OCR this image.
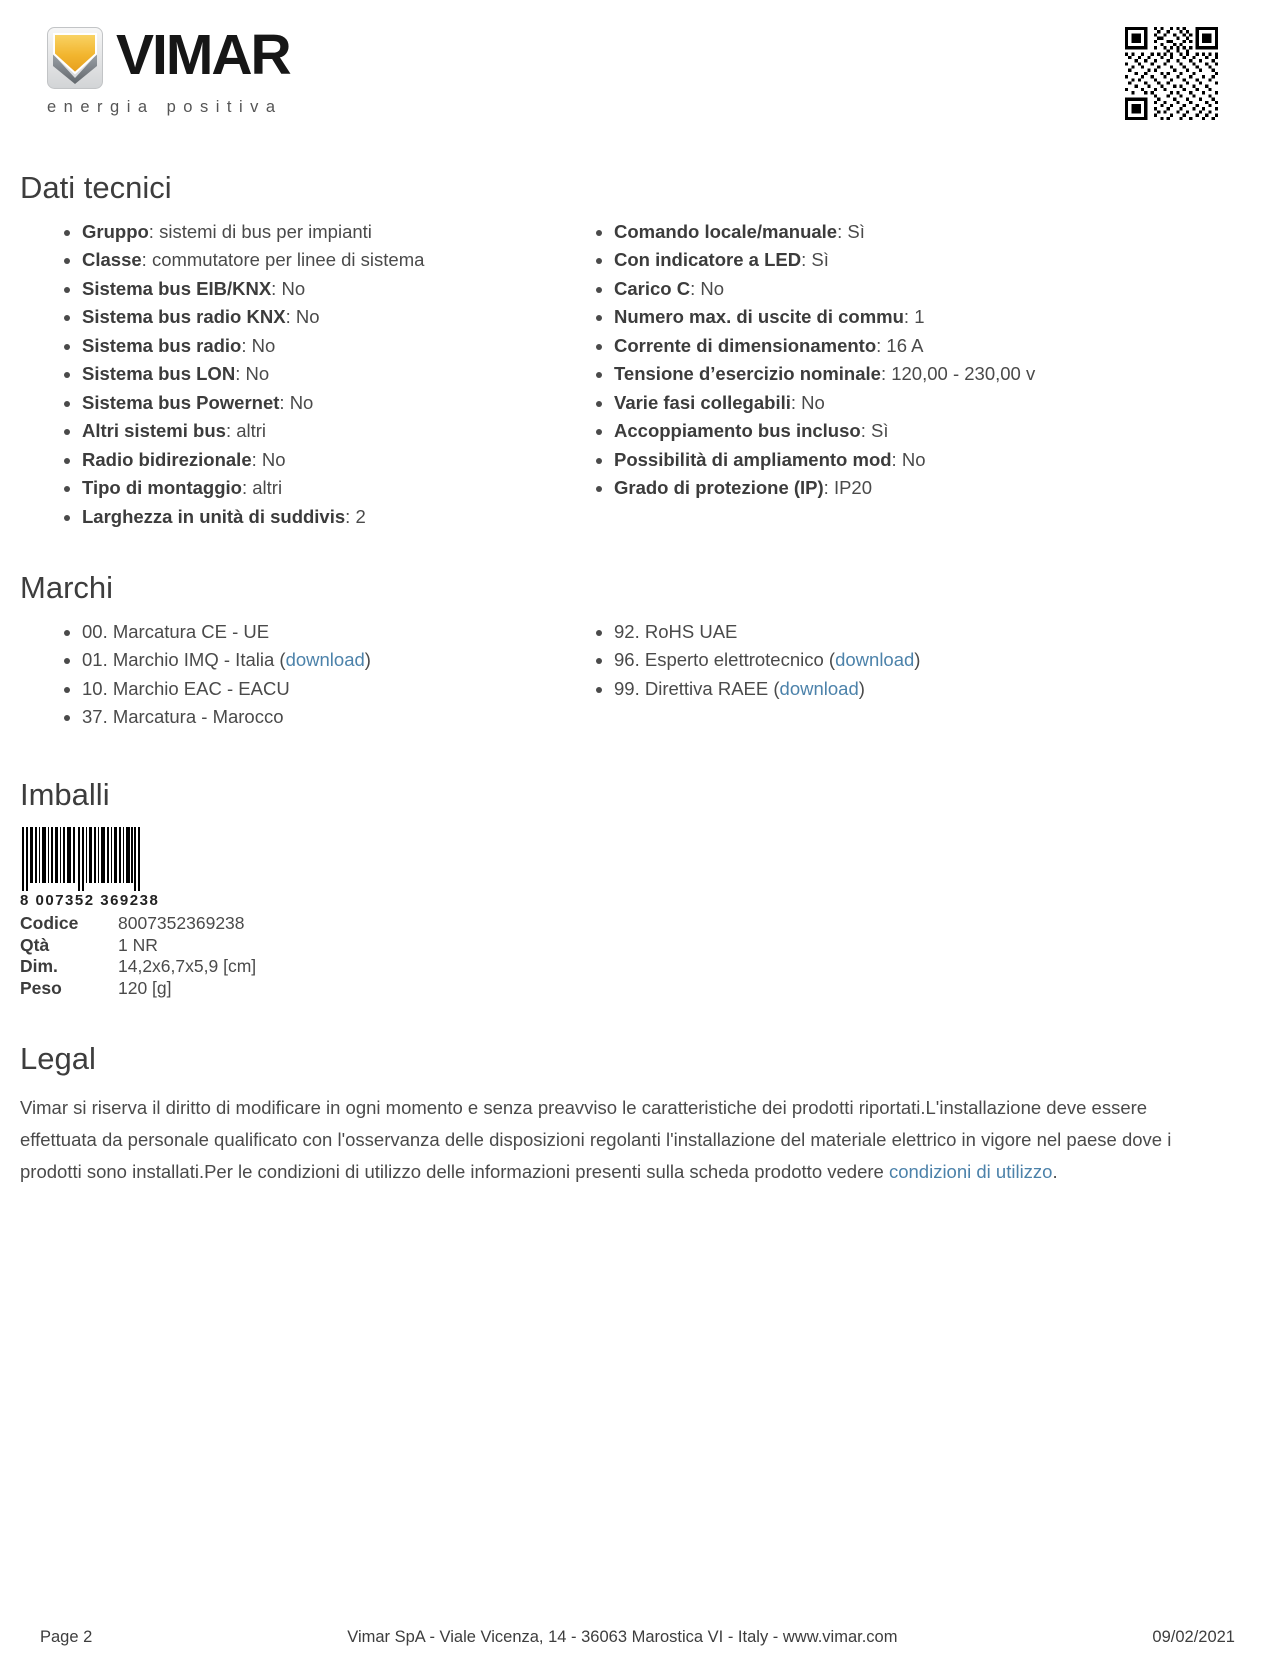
VIMAR
energia positiva
Dati tecnici
• Gruppo: sistemi di bus per impianti
• Classe: commutatore per linee di sistema
• Sistema bus EIB/KNX: No
• Sistema bus radio KNX: No
• Sistema bus radio: No
• Sistema bus LON: No
• Sistema bus Powernet: No
• Altri sistemi bus: altri
• Radio bidirezionale: No
• Tipo di montaggio: altri
• Larghezza in unità di suddivis: 2
• Comando locale/manuale: Sì
• Con indicatore a LED: Sì
• Carico C: No
• Numero max. di uscite di commu: 1
• Corrente di dimensionamento: 16 A
• Tensione d’esercizio nominale: 120,00 - 230,00 v
• Varie fasi collegabili: No
• Accoppiamento bus incluso: Sì
• Possibilità di ampliamento mod: No
• Grado di protezione (IP): IP20
Marchi
• 00. Marcatura CE - UE
• 01. Marchio IMQ - Italia (download)
• 10. Marchio EAC - EACU
• 37. Marcatura - Marocco
• 92. RoHS UAE
• 96. Esperto elettrotecnico (download)
• 99. Direttiva RAEE (download)
Imballi
8 007352 369238
Codice	8007352369238
Qtà	1 NR
Dim.	14,2x6,7x5,9 [cm]
Peso	120 [g]
Legal

Vimar si riserva il diritto di modificare in ogni momento e senza preavviso le caratteristiche dei prodotti riportati.L'installazione deve essere effettuata da personale qualificato con l'osservanza delle disposizioni regolanti l'installazione del materiale elettrico in vigore nel paese dove i prodotti sono installati.Per le condizioni di utilizzo delle informazioni presenti sulla scheda prodotto vedere condizioni di utilizzo.

Page 2	Vimar SpA - Viale Vicenza, 14 - 36063 Marostica VI - Italy - www.vimar.com	09/02/2021
